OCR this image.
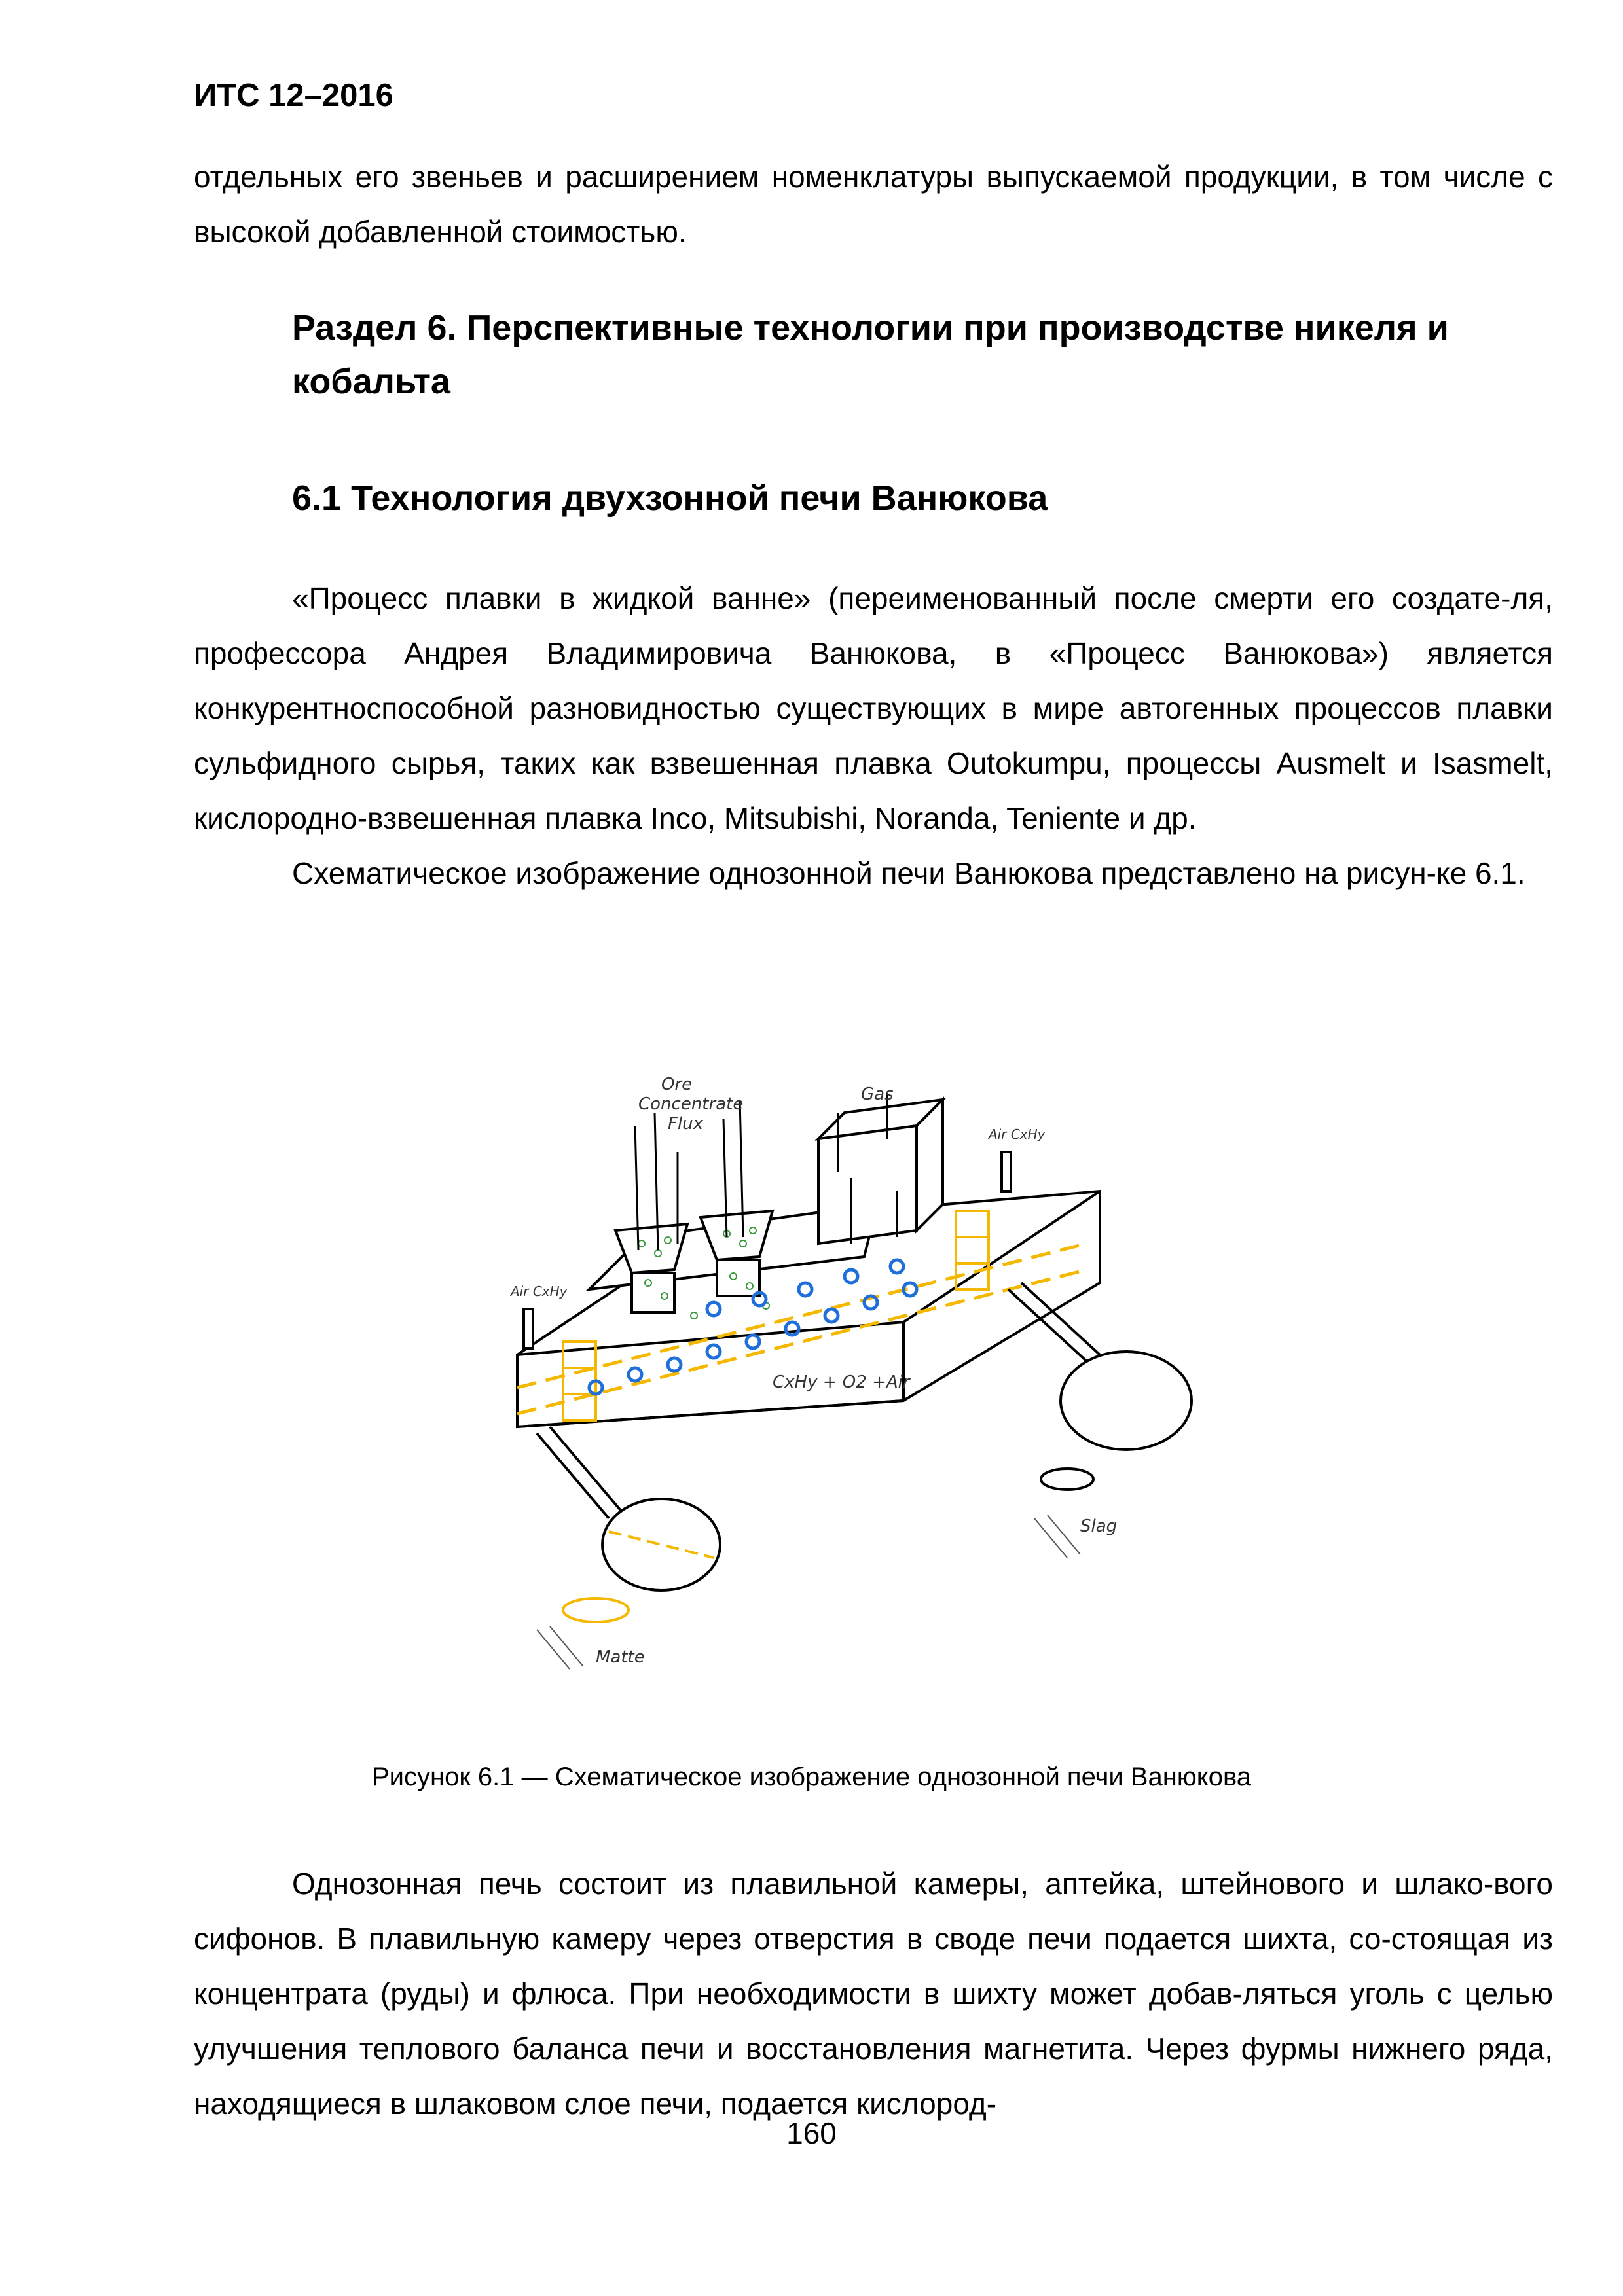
ИТС 12–2016
отдельных его звеньев и расширением номенклатуры выпускаемой продукции, в том числе с высокой добавленной стоимостью.
Раздел 6. Перспективные технологии при производстве никеля и кобальта
6.1 Технология двухзонной печи Ванюкова
«Процесс плавки в жидкой ванне» (переименованный после смерти его создате-ля, профессора Андрея Владимировича Ванюкова, в «Процесс Ванюкова») является конкурентноспособной разновидностью существующих в мире автогенных процессов плавки сульфидного сырья, таких как взвешенная плавка Outokumpu, процессы Ausmelt и Isasmelt, кислородно-взвешенная плавка Inco, Mitsubishi, Noranda, Teniente и др.
Схематическое изображение однозонной печи Ванюкова представлено на рисун-ке 6.1.
Ore
Concentrate
Flux
Gas
Air CxHy
Air CxHy
CxHy + O2 +Air
Slag
Matte
Рисунок 6.1 — Схематическое изображение однозонной печи Ванюкова
Однозонная печь состоит из плавильной камеры, аптейка, штейнового и шлако-вого сифонов. В плавильную камеру через отверстия в своде печи подается шихта, со-стоящая из концентрата (руды) и флюса. При необходимости в шихту может добав-ляться уголь с целью улучшения теплового баланса печи и восстановления магнетита. Через фурмы нижнего ряда, находящиеся в шлаковом слое печи, подается кислород-
160
